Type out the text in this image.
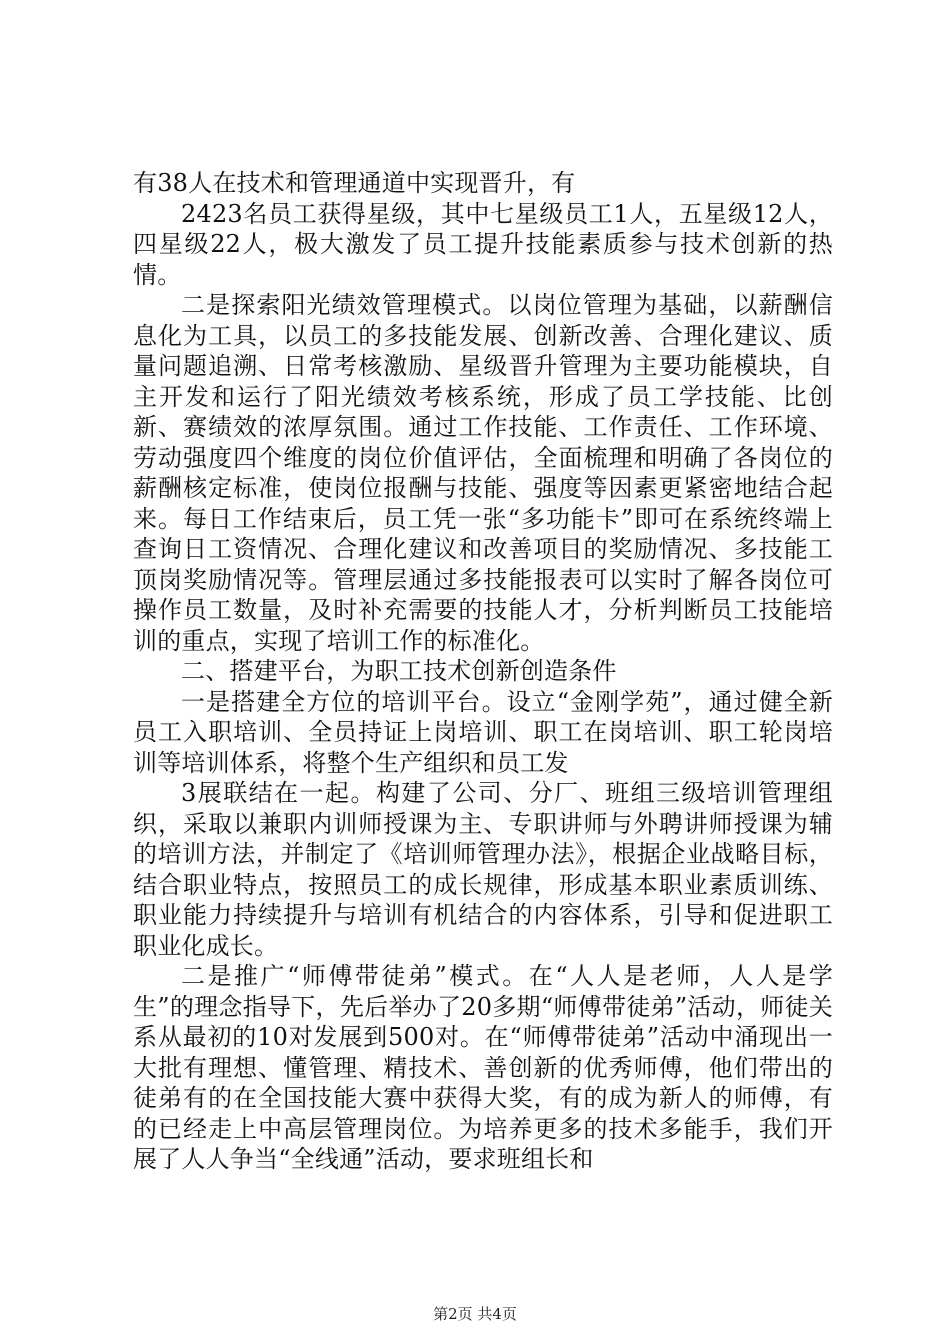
有38人在技术和管理通道中实现晋升，有

2423名员工获得星级，其中七星级员工1人，五星级12人，四星级22人，极大激发了员工提升技能素质参与技术创新的热情。

二是探索阳光绩效管理模式。以岗位管理为基础，以薪酬信息化为工具，以员工的多技能发展、创新改善、合理化建议、质量问题追溯、日常考核激励、星级晋升管理为主要功能模块，自主开发和运行了阳光绩效考核系统，形成了员工学技能、比创新、赛绩效的浓厚氛围。通过工作技能、工作责任、工作环境、劳动强度四个维度的岗位价值评估，全面梳理和明确了各岗位的薪酬核定标准，使岗位报酬与技能、强度等因素更紧密地结合起来。每日工作结束后，员工凭一张“多功能卡”即可在系统终端上查询日工资情况、合理化建议和改善项目的奖励情况、多技能工顶岗奖励情况等。管理层通过多技能报表可以实时了解各岗位可操作员工数量，及时补充需要的技能人才，分析判断员工技能培训的重点，实现了培训工作的标准化。

二、搭建平台，为职工技术创新创造条件

一是搭建全方位的培训平台。设立“金刚学苑”，通过健全新员工入职培训、全员持证上岗培训、职工在岗培训、职工轮岗培训等培训体系，将整个生产组织和员工发

3展联结在一起。构建了公司、分厂、班组三级培训管理组织，采取以兼职内训师授课为主、专职讲师与外聘讲师授课为辅的培训方法，并制定了《培训师管理办法》，根据企业战略目标，结合职业特点，按照员工的成长规律，形成基本职业素质训练、职业能力持续提升与培训有机结合的内容体系，引导和促进职工职业化成长。

二是推广“师傅带徒弟”模式。在“人人是老师，人人是学生”的理念指导下，先后举办了20多期“师傅带徒弟”活动，师徒关系从最初的10对发展到500对。在“师傅带徒弟”活动中涌现出一大批有理想、懂管理、精技术、善创新的优秀师傅，他们带出的徒弟有的在全国技能大赛中获得大奖，有的成为新人的师傅，有的已经走上中高层管理岗位。为培养更多的技术多能手，我们开展了人人争当“全线通”活动，要求班组长和

第2页 共4页
